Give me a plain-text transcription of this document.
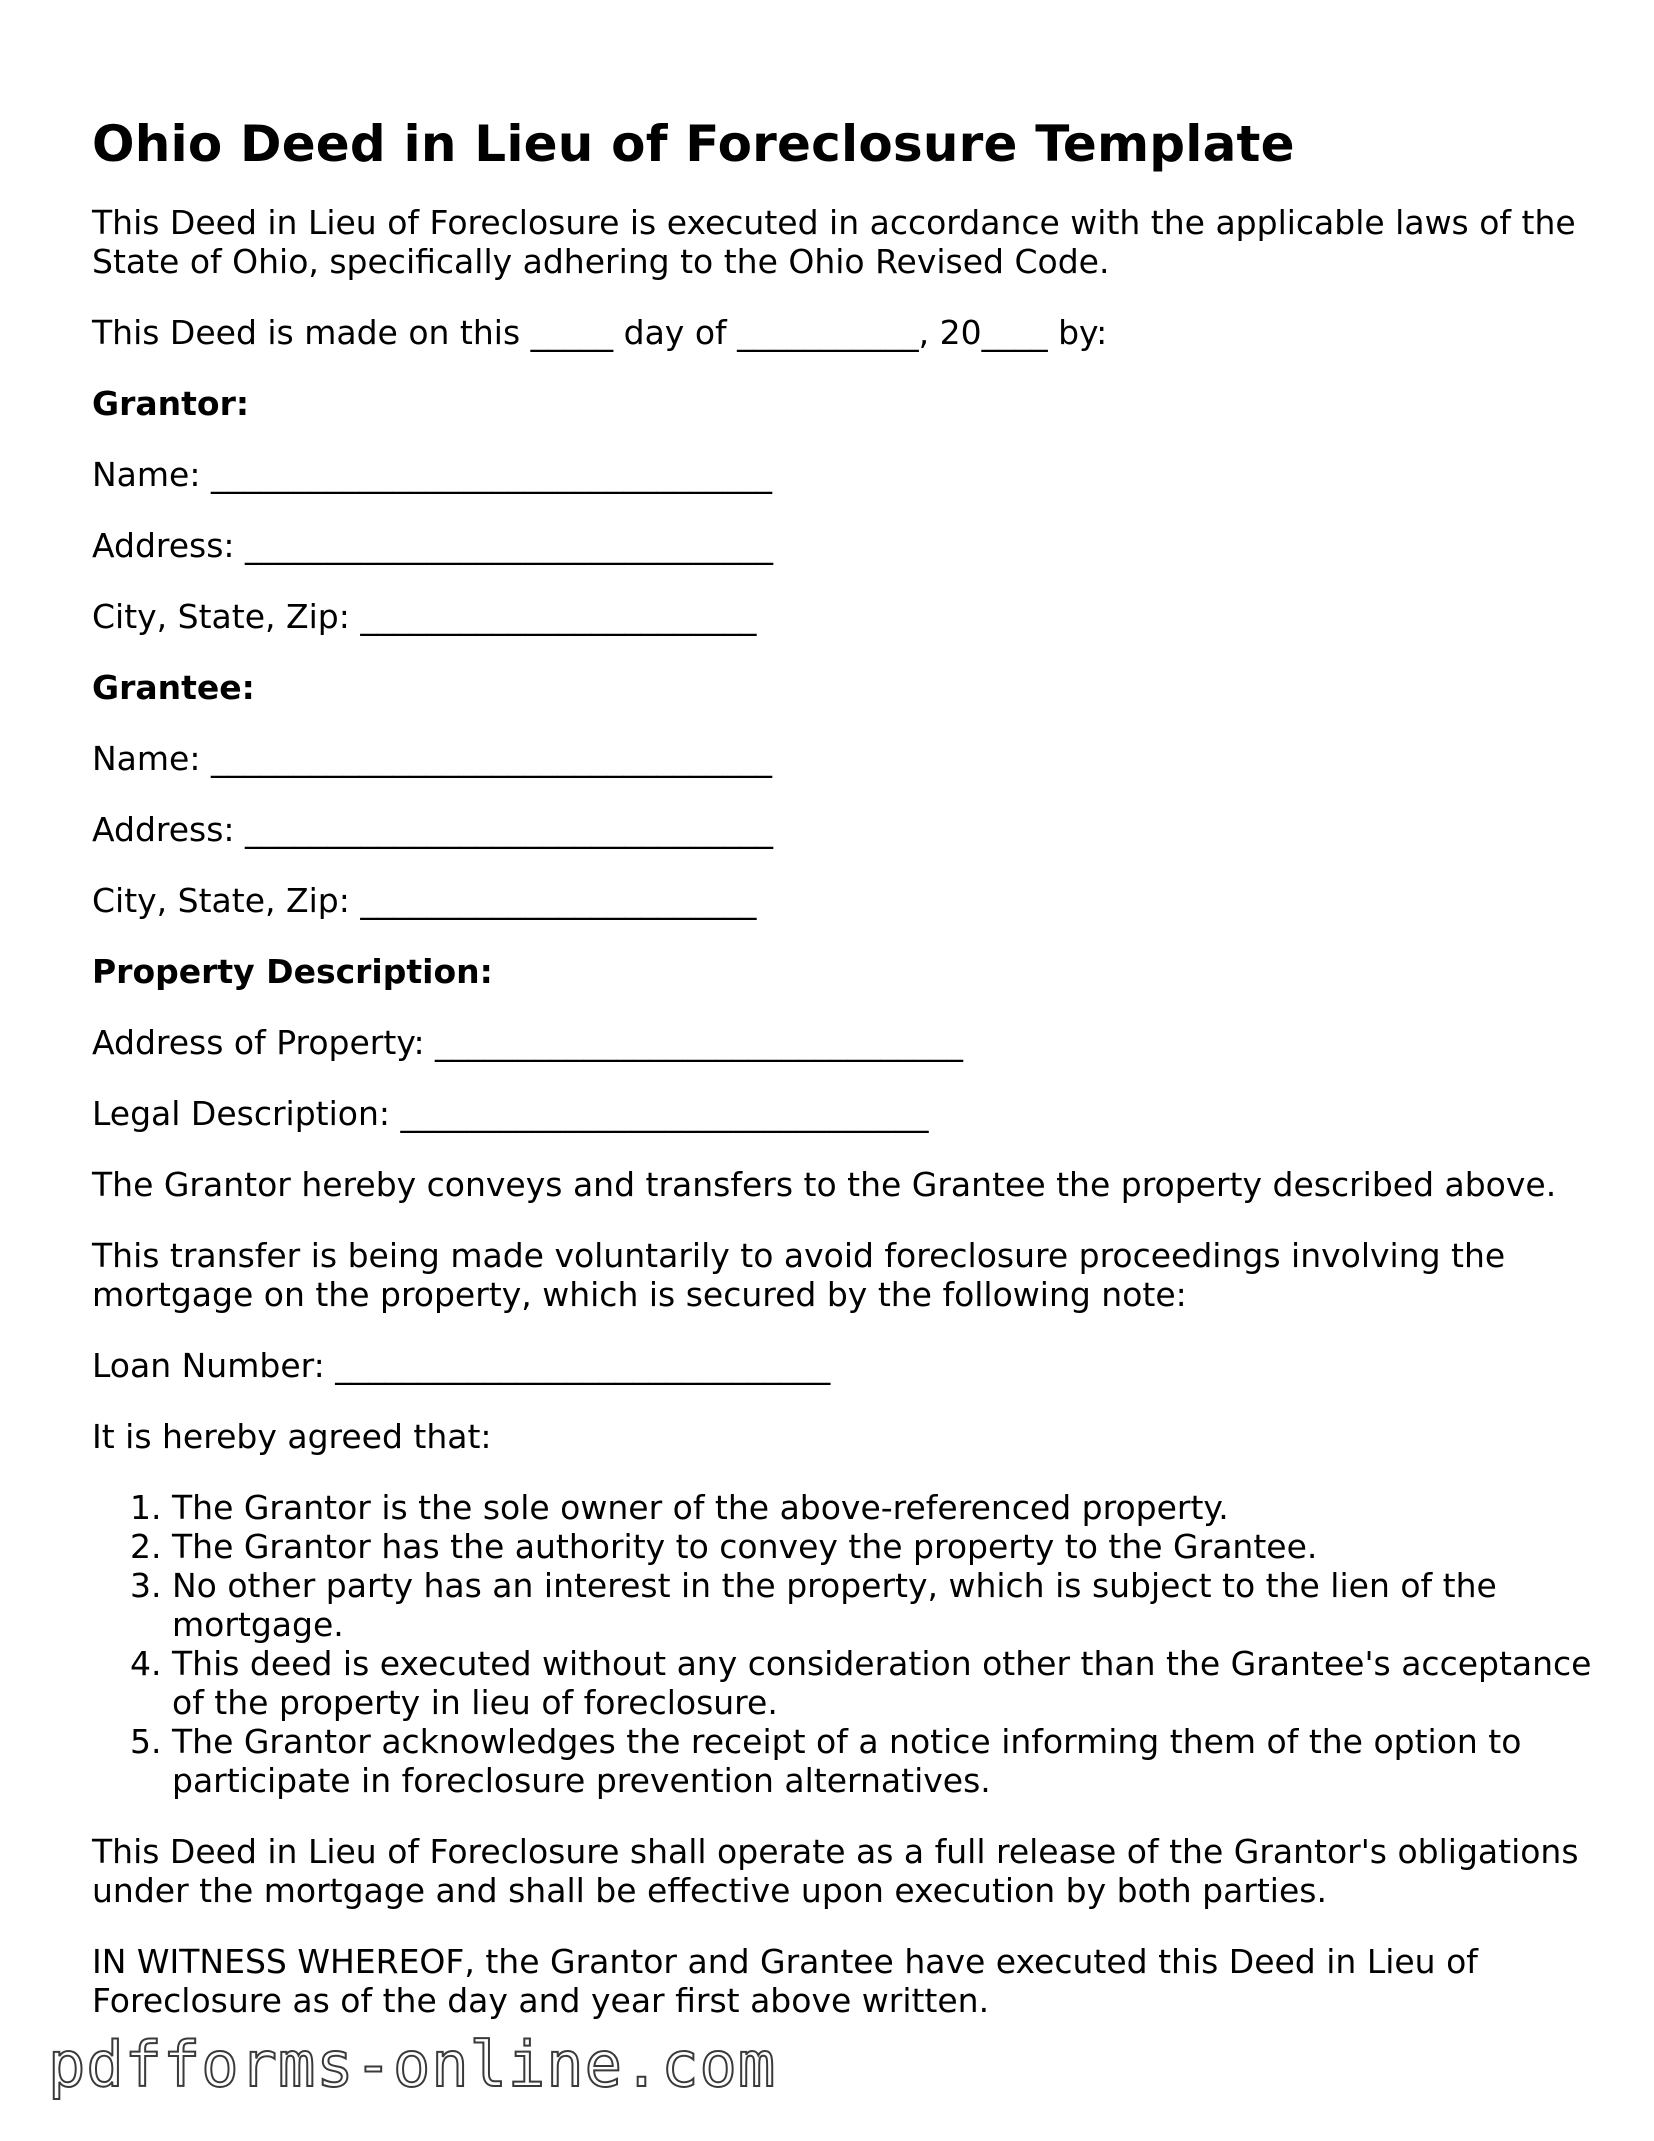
Ohio Deed in Lieu of Foreclosure Template

This Deed in Lieu of Foreclosure is executed in accordance with the applicable laws of the State of Ohio, specifically adhering to the Ohio Revised Code.

This Deed is made on this _____ day of ___________, 20____ by:

Grantor:
Name: __________________________________
Address: ________________________________
City, State, Zip: ________________________
Grantee:
Name: __________________________________
Address: ________________________________
City, State, Zip: ________________________
Property Description:
Address of Property: ________________________________
Legal Description: ________________________________

The Grantor hereby conveys and transfers to the Grantee the property described above.

This transfer is being made voluntarily to avoid foreclosure proceedings involving the mortgage on the property, which is secured by the following note:

Loan Number: ______________________________

It is hereby agreed that:

1. The Grantor is the sole owner of the above-referenced property.
2. The Grantor has the authority to convey the property to the Grantee.
3. No other party has an interest in the property, which is subject to the lien of the mortgage.
4. This deed is executed without any consideration other than the Grantee's acceptance of the property in lieu of foreclosure.
5. The Grantor acknowledges the receipt of a notice informing them of the option to participate in foreclosure prevention alternatives.

This Deed in Lieu of Foreclosure shall operate as a full release of the Grantor's obligations under the mortgage and shall be effective upon execution by both parties.

IN WITNESS WHEREOF, the Grantor and Grantee have executed this Deed in Lieu of Foreclosure as of the day and year first above written.

pdfforms-online.com
